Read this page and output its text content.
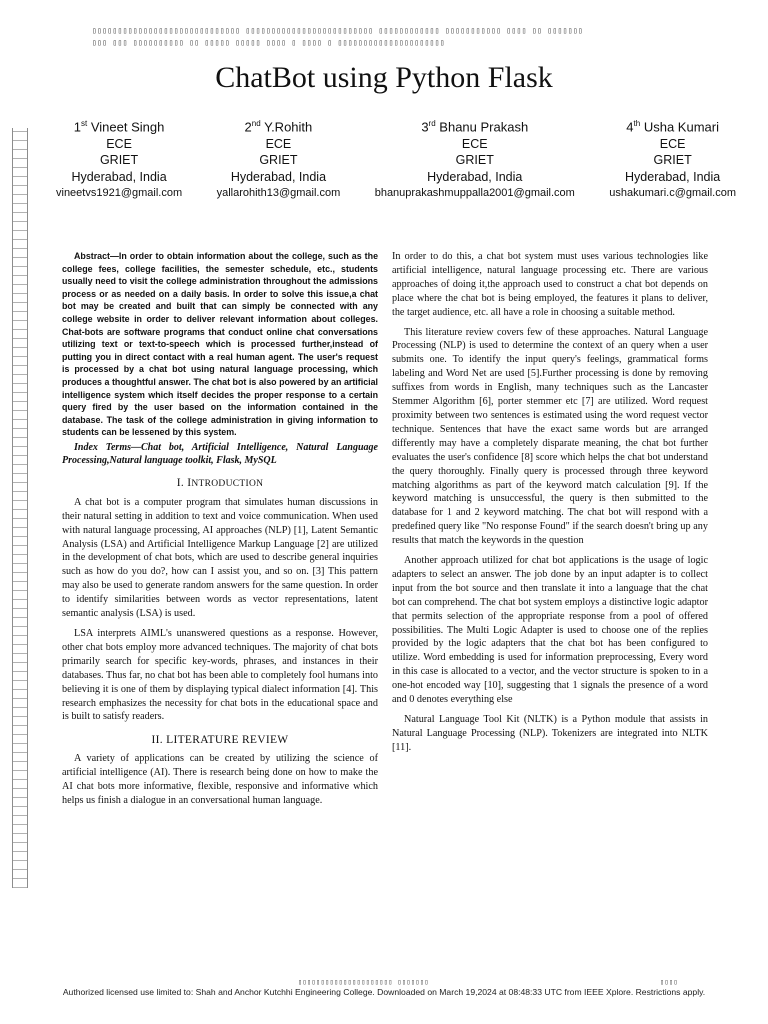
▯▯▯▯▯▯▯▯▯▯▯▯▯▯▯▯▯▯▯▯▯▯▯▯▯▯▯▯▯ ▯▯▯▯▯▯▯▯▯▯▯▯▯▯▯▯▯▯▯▯▯▯▯▯▯ ▯▯▯▯▯▯▯▯▯▯▯▯ ▯▯▯▯▯▯▯▯▯▯▯ ▯▯▯▯ ▯▯ ▯▯▯▯▯▯▯
▯▯▯ ▯▯▯ ▯▯▯▯▯▯▯▯▯▯ ▯▯ ▯▯▯▯▯ ▯▯▯▯▯ ▯▯▯▯ ▯ ▯▯▯▯ ▯ ▯▯▯▯▯▯▯▯▯▯▯▯▯▯▯▯▯▯▯▯▯
ChatBot using Python Flask
1st Vineet Singh
ECE
GRIET
Hyderabad, India
vineetvs1921@gmail.com
2nd Y.Rohith
ECE
GRIET
Hyderabad, India
yallarohith13@gmail.com
3rd Bhanu Prakash
ECE
GRIET
Hyderabad, India
bhanuprakashmuppalla2001@gmail.com
4th Usha Kumari
ECE
GRIET
Hyderabad, India
ushakumari.c@gmail.com

Abstract—In order to obtain information about the college, such as the college fees, college facilities, the semester schedule, etc., students usually need to visit the college administration throughout the admissions process or as needed on a daily basis. In order to solve this issue,a chat bot may be created and built that can simply be connected with any college website in order to deliver relevant information about colleges. Chat-bots are software programs that conduct online chat conversations utilizing text or text-to-speech which is processed further,instead of putting you in direct contact with a real human agent. The user's request is processed by a chat bot using natural language processing, which produces a thoughtful answer. The chat bot is also powered by an artificial intelligence system which itself decides the proper response to a certain query fired by the user based on the information contained in the database. The task of the college administration in giving information to students can be lessened by this system.

Index Terms—Chat bot, Artificial Intelligence, Natural Language Processing,Natural language toolkit, Flask, MySQL

I. INTRODUCTION

A chat bot is a computer program that simulates human discussions in their natural setting in addition to text and voice communication. When used with natural language processing, AI approaches (NLP) [1], Latent Semantic Analysis (LSA) and Artificial Intelligence Markup Language [2] are utilized in the development of chat bots, which are used to describe general inquiries such as how do you do?, how can I assist you, and so on. [3] This pattern may also be used to generate random answers for the same question. In order to identify similarities between words as vector representations, latent semantic analysis (LSA) is used.

LSA interprets AIML's unanswered questions as a response. However, other chat bots employ more advanced techniques. The majority of chat bots primarily search for specific key-words, phrases, and instances in their databases. Thus far, no chat bot has been able to completely fool humans into believing it is one of them by displaying typical dialect information [4]. This research emphasizes the necessity for chat bots in the educational space and is built to satisfy readers.

II. LITERATURE REVIEW

A variety of applications can be created by utilizing the science of artificial intelligence (AI). There is research being done on how to make the AI chat bots more informative, flexible, responsive and informative which helps us finish a dialogue in an conversational human language.

In order to do this, a chat bot system must uses various technologies like artificial intelligence, natural language processing etc. There are various approaches of doing it,the approach used to construct a chat bot depends on place where the chat bot is being employed, the features it plans to deliver, the target audience, etc. all have a role in choosing a suitable method.

This literature review covers few of these approaches. Natural Language Processing (NLP) is used to determine the context of an query when a user submits one. To identify the input query's feelings, grammatical forms labeling and Word Net are used [5].Further processing is done by removing suffixes from words in English, many techniques such as the Lancaster Stemmer Algorithm [6], porter stemmer etc [7] are utilized. Word request proximity between two sentences is estimated using the word request vector technique. Sentences that have the exact same words but are arranged differently may have a completely disparate meaning, the chat bot further evaluates the user's confidence [8] score which helps the chat bot understand the query thoroughly. Finally query is processed through three keyword matching algorithms as part of the keyword match calculation [9]. If the keyword matching is unsuccessful, the query is then submitted to the database for 1 and 2 keyword matching. The chat bot will respond with a predefined query like "No response Found" if the search doesn't bring up any results that match the keywords in the question

Another approach utilized for chat bot applications is the usage of logic adapters to select an answer. The job done by an input adapter is to collect input from the bot source and then translate it into a language that the chat bot can comprehend. The chat bot system employs a distinctive logic adaptor that permits selection of the appropriate response from a pool of offered possibilities. The Multi Logic Adapter is used to choose one of the replies provided by the logic adapters that the chat bot has been configured to utilize. Word embedding is used for information preprocessing, Every word in this case is allocated to a vector, and the vector structure is spoken to in a one-hot encoded way [10], suggesting that 1 signals the presence of a word and 0 denotes everything else

Natural Language Tool Kit (NLTK) is a Python module that assists in Natural Language Processing (NLP). Tokenizers are integrated into NLTK [11].

▯▯▯▯▯▯▯▯▯▯▯▯▯▯▯▯▯▯▯▯▯ ▯▯▯▯▯▯▯	▯▯▯▯
Authorized licensed use limited to: Shah and Anchor Kutchhi Engineering College. Downloaded on March 19,2024 at 08:48:33 UTC from IEEE Xplore. Restrictions apply.
